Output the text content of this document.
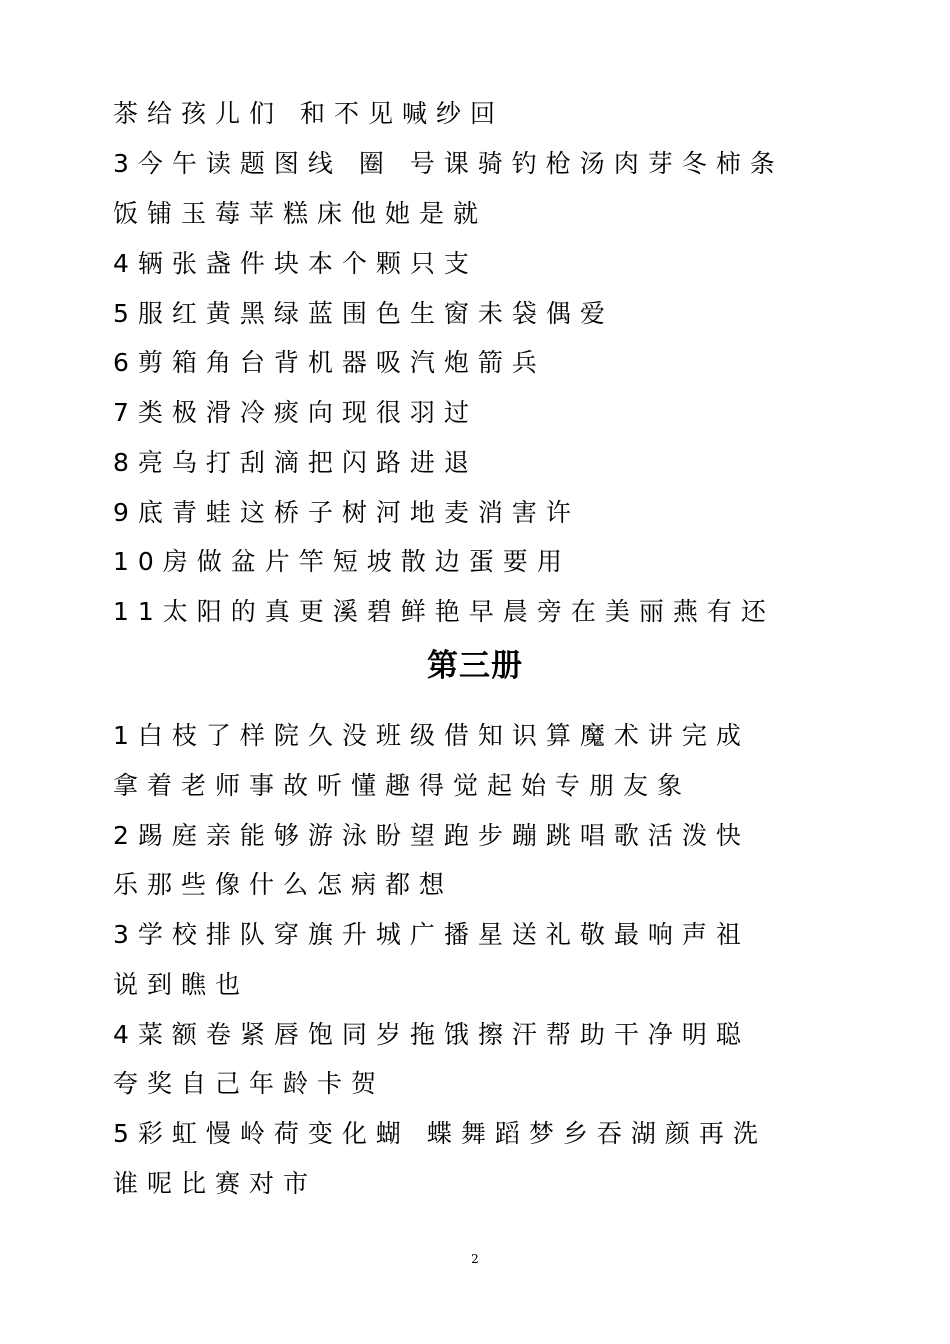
茶给孩儿们 和不见喊纱回
3今午读题图线 圈 号课骑钓枪汤肉芽冬柿条
饭铺玉莓苹糕床他她是就
4辆张盏件块本个颗只支
5服红黄黑绿蓝围色生窗未袋偶爱
6剪箱角台背机器吸汽炮箭兵
7类极滑冷痰向现很羽过
8亮乌打刮滴把闪路进退
9底青蛙这桥子树河地麦消害许
10房做盆片竿短坡散边蛋要用
11太阳的真更溪碧鲜艳早晨旁在美丽燕有还
第三册
1白枝了样院久没班级借知识算魔术讲完成
拿着老师事故听懂趣得觉起始专朋友象
2踢庭亲能够游泳盼望跑步蹦跳唱歌活泼快
乐那些像什么怎病都想
3学校排队穿旗升城广播星送礼敬最响声祖
说到瞧也
4菜额卷紧唇饱同岁拖饿擦汗帮助干净明聪
夸奖自己年龄卡贺
5彩虹慢岭荷变化蝴 蝶舞蹈梦乡吞湖颜再洗
谁呢比赛对市
2
